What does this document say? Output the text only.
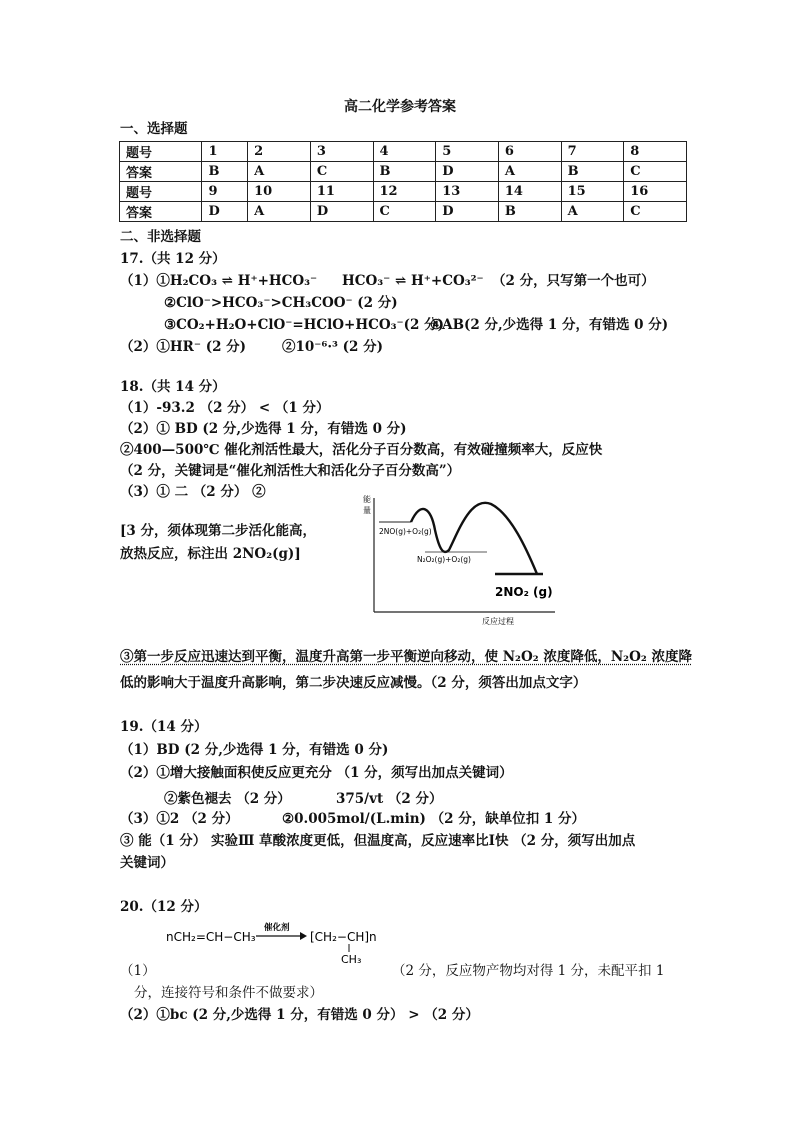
高二化学参考答案
一、选择题
题号	1	2	3	4	5	6	7	8
答案	B	A	C	B	D	A	B	C
题号	9	10	11	12	13	14	15	16
答案	D	A	D	C	D	B	A	C
二、非选择题
17.（共 12 分）
（1）①H₂CO₃ ⇌ H⁺+HCO₃⁻ HCO₃⁻ ⇌ H⁺+CO₃²⁻ （2 分，只写第一个也可）
②ClO⁻>HCO₃⁻>CH₃COO⁻ (2 分)
③CO₂+H₂O+ClO⁻=HClO+HCO₃⁻(2 分)
④AB(2 分,少选得 1 分，有错选 0 分)
（2）①HR⁻ (2 分)	②10⁻⁶·³ (2 分)
18.（共 14 分）
（1）-93.2 （2 分） < （1 分）
（2）① BD (2 分,少选得 1 分，有错选 0 分)
②400—500℃ 催化剂活性最大，活化分子百分数高，有效碰撞频率大，反应快
（2 分，关键词是“催化剂活性大和活化分子百分数高”）
（3）① 二 （2 分） ②
[3 分，须体现第二步活化能高，
放热反应，标注出 2NO₂(g)]
能
量
反应过程
2NO(g)+O₂(g)
N₂O₂(g)+O₂(g)
2NO₂ (g)
③第一步反应迅速达到平衡，温度升高第一步平衡逆向移动，使 N₂O₂ 浓度降低，N₂O₂ 浓度降
低的影响大于温度升高影响，第二步决速反应减慢。（2 分，须答出加点文字）
19.（14 分）
（1）BD (2 分,少选得 1 分，有错选 0 分)
（2）①增大接触面积使反应更充分 （1 分，须写出加点关键词）
②紫色褪去 （2 分）	375/vt （2 分）
（3）①2 （2 分）	②0.005mol/(L.min) （2 分，缺单位扣 1 分）
③ 能（1 分） 实验Ⅲ 草酸浓度更低，但温度高，反应速率比Ⅰ快 （2 分，须写出加点
关键词）
20.（12 分）
nCH₂=CH−CH₃
催化剂
[CH₂−CH]n
CH₃
（1）	（2 分，反应物产物均对得 1 分，未配平扣 1
分，连接符号和条件不做要求）
（2）①bc (2 分,少选得 1 分，有错选 0 分） > （2 分）
